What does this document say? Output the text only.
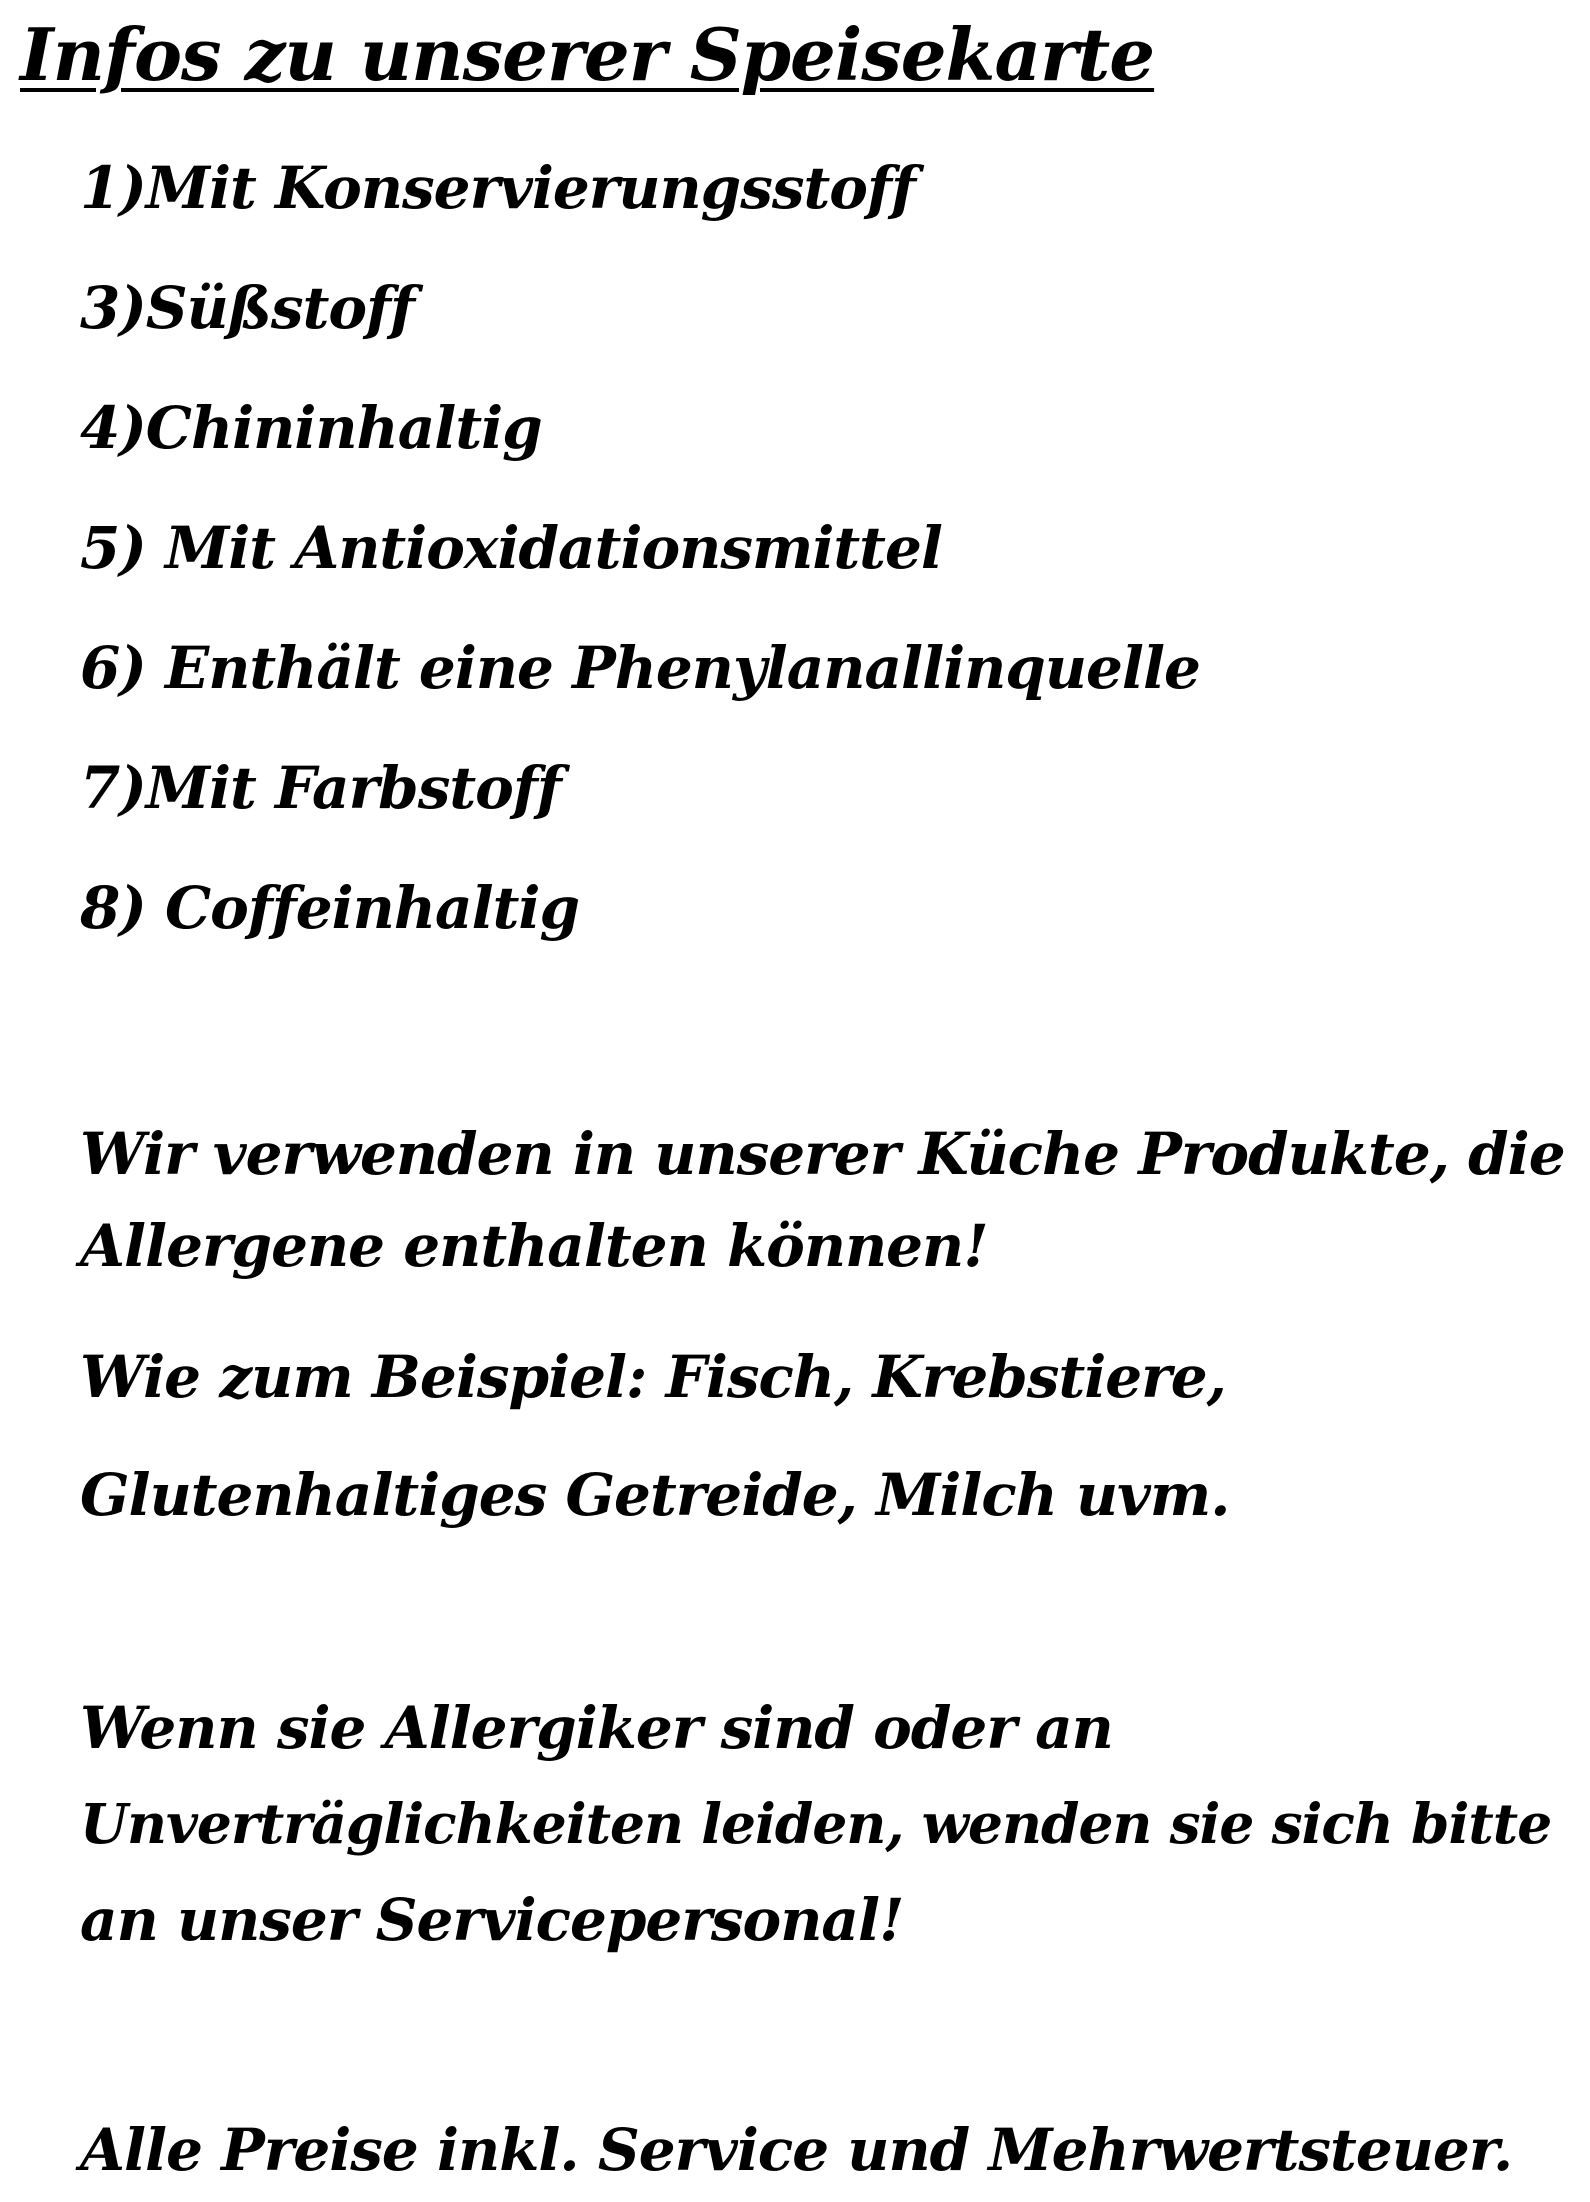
Infos zu unserer Speisekarte
1)Mit Konservierungsstoff
3)Süßstoff
4)Chininhaltig
5) Mit Antioxidationsmittel
6) Enthält eine Phenylanallinquelle
7)Mit Farbstoff
8) Coffeinhaltig
Wir verwenden in unserer Küche Produkte, die
Allergene enthalten können!
Wie zum Beispiel: Fisch, Krebstiere,
Glutenhaltiges Getreide, Milch uvm.
Wenn sie Allergiker sind oder an
Unverträglichkeiten leiden, wenden sie sich bitte
an unser Servicepersonal!
Alle Preise inkl. Service und Mehrwertsteuer.
